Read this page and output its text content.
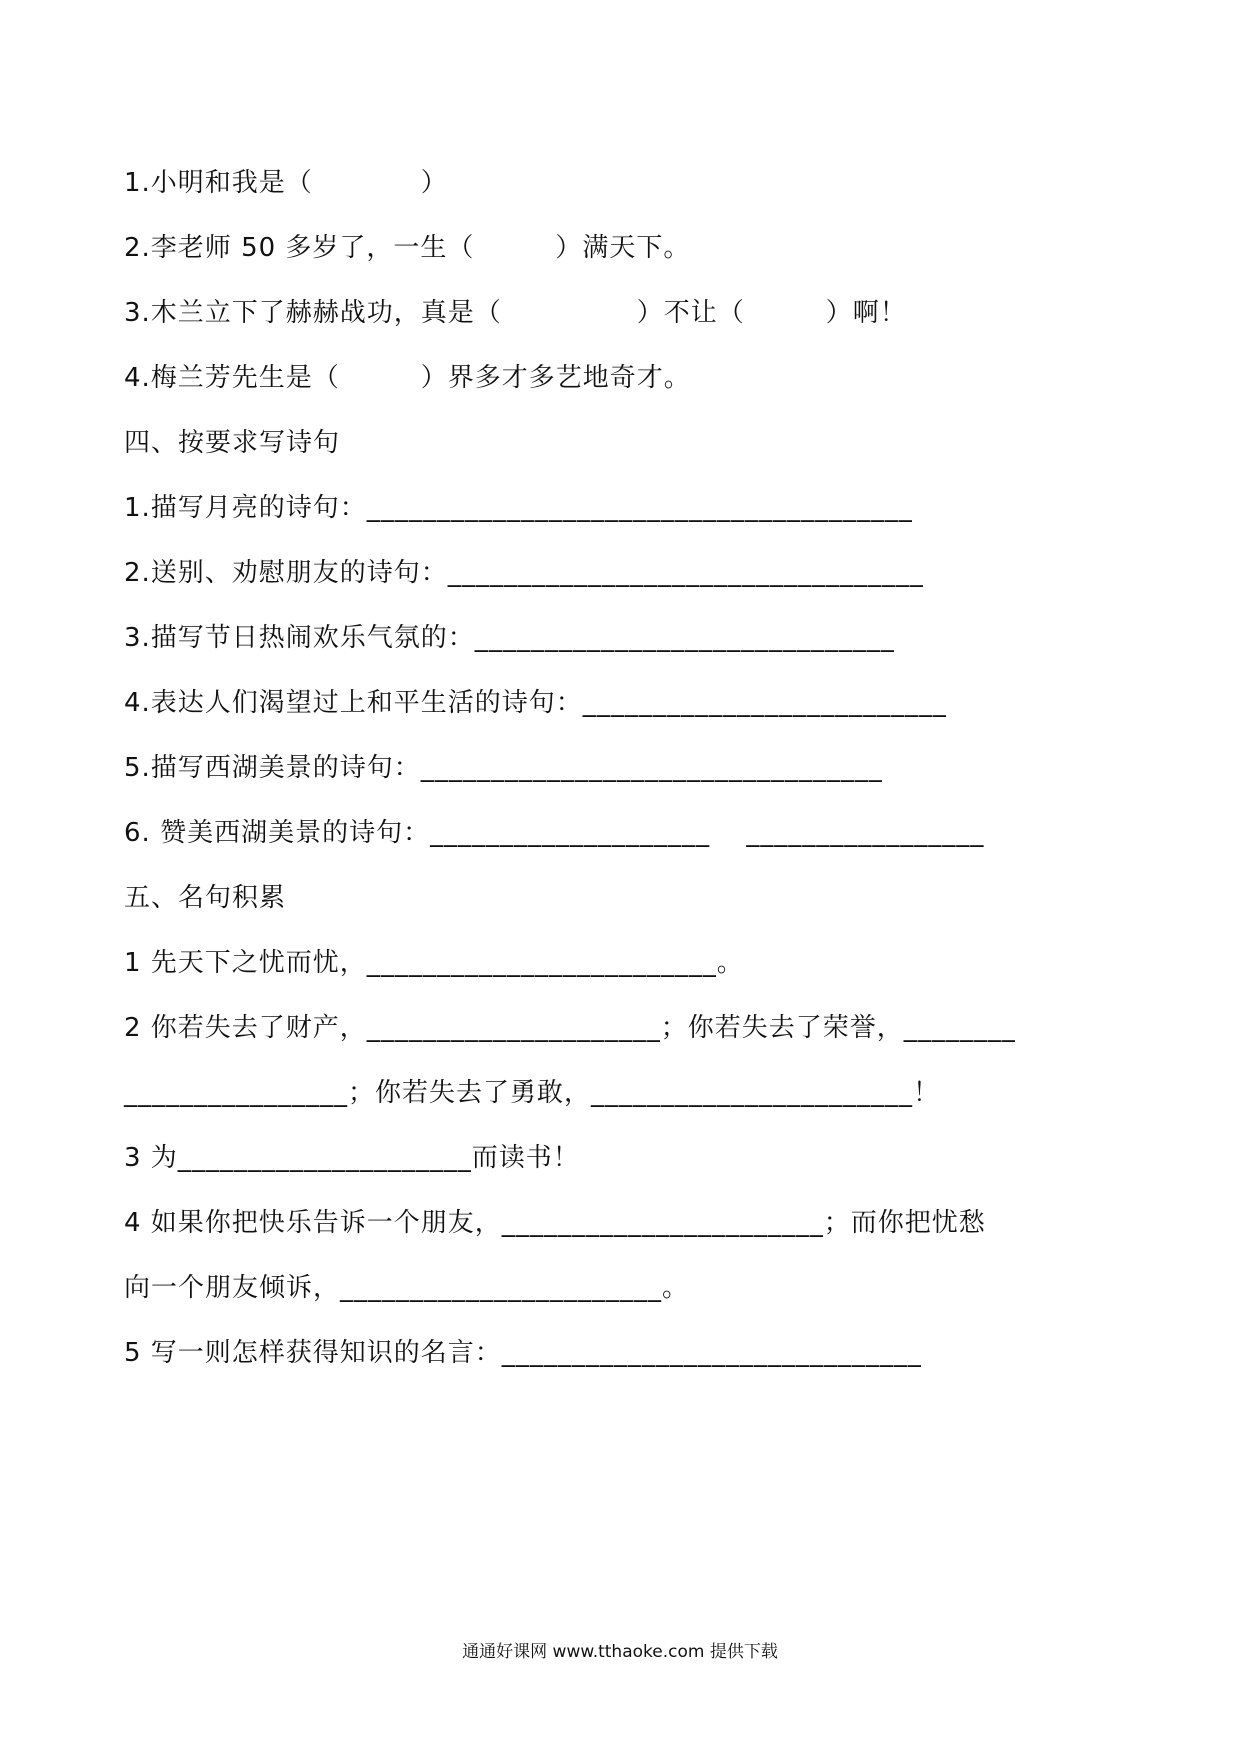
1.小明和我是（　　　　）
2.李老师 50 多岁了，一生（　　　）满天下。
3.木兰立下了赫赫战功，真是（　　　　　）不让（　　　）啊！
4.梅兰芳先生是（　　　）界多才多艺地奇才。
四、按要求写诗句
1.描写月亮的诗句：_______________________________________
2.送别、劝慰朋友的诗句：__________________________________
3.描写节日热闹欢乐气氛的：______________________________
4.表达人们渴望过上和平生活的诗句：__________________________
5.描写西湖美景的诗句：_________________________________
6. 赞美西湖美景的诗句：____________________　 _________________
五、名句积累
1 先天下之忧而忧，_________________________。
2 你若失去了财产，_____________________；你若失去了荣誉，________
________________；你若失去了勇敢，_______________________！
3 为_____________________而读书！
4 如果你把快乐告诉一个朋友，_______________________；而你把忧愁
向一个朋友倾诉，_______________________。
5 写一则怎样获得知识的名言：______________________________
通通好课网 www.tthaoke.com 提供下载
